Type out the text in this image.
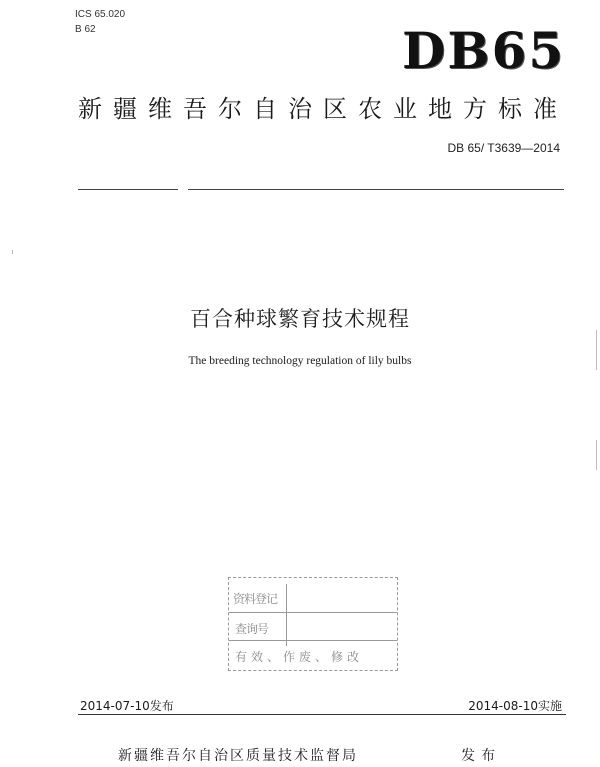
ICS 65.020
B 62	DB65
新疆维吾尔自治区农业地方标准
DB 65/ T3639—2014
百合种球繁育技术规程
The breeding technology regulation of lily bulbs
资料登记
查询号
有效、作废、修改
2014-07-10发布	2014-08-10实施
新疆维吾尔自治区质量技术监督局	发布
